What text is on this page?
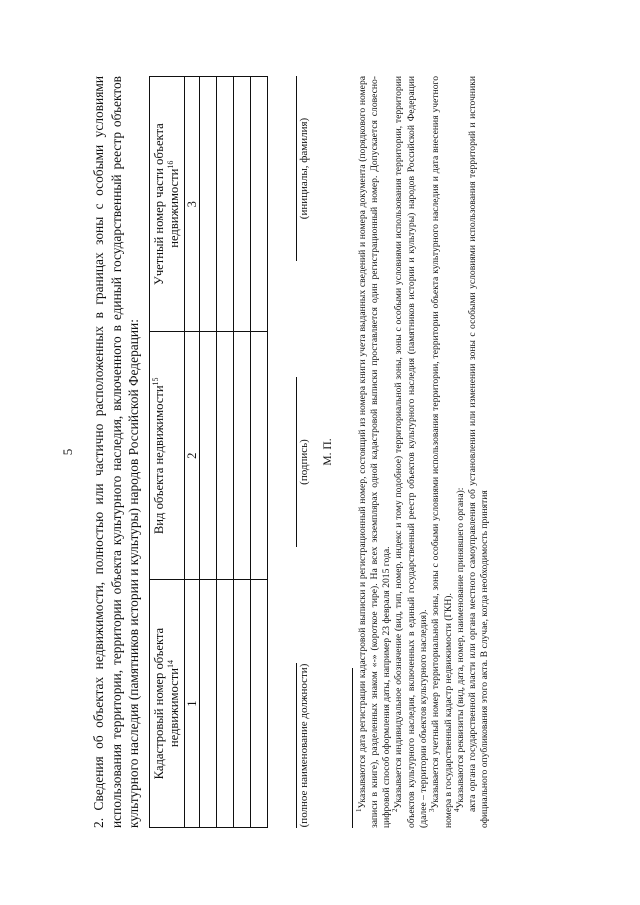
5 2. Сведения об объектах недвижимости, полностью или частично расположенных в границах зоны с особыми условиями использования территории, территории объекта культурного наследия, включенного в единый государственный реестр объектов культурного наследия (памятников истории и культуры) народов Российской Федерации: Кадастровый номер объекта недвижимости$^{14}$	Вид объекта недвижимости$^{15}$	Учетный номер части объекта недвижимости$^{16}$
1	2	3

(полное наименование должности)
(подпись)
(инициалы, фамилия)
М. П.

$^1$Указываются дата регистрации кадастровой выписки и регистрационный номер, состоящий из номера книги учета выданных сведений и номера документа (порядкового номера записи в книге), разделенных знаком «-» (короткое тире). На всех экземплярах одной кадастровой выписки проставляется один регистрационный номер. Допускается словесно-цифровой способ оформления даты, например 23 февраля 2015 года. $^2$Указывается индивидуальное обозначение (вид, тип, номер, индекс и тому подобное) территориальной зоны, зоны с особыми условиями использования территории, территории объектов культурного наследия, включенных в единый государственный реестр объектов культурного наследия (памятников истории и культуры) народов Российской Федерации (далее – территории объектов культурного наследия). $^3$Указывается учетный номер территориальной зоны, зоны с особыми условиями использования территории, территории объекта культурного наследия и дата внесения учетного номера в государственный кадастр недвижимости (ГКН). $^4$Указываются реквизиты (вид, дата, номер, наименование принявшего органа): акта органа государственной власти или органа местного самоуправления об установлении или изменении зоны с особыми условиями использования территорий и источники официального опубликования этого акта. В случае, когда необходимость принятия
